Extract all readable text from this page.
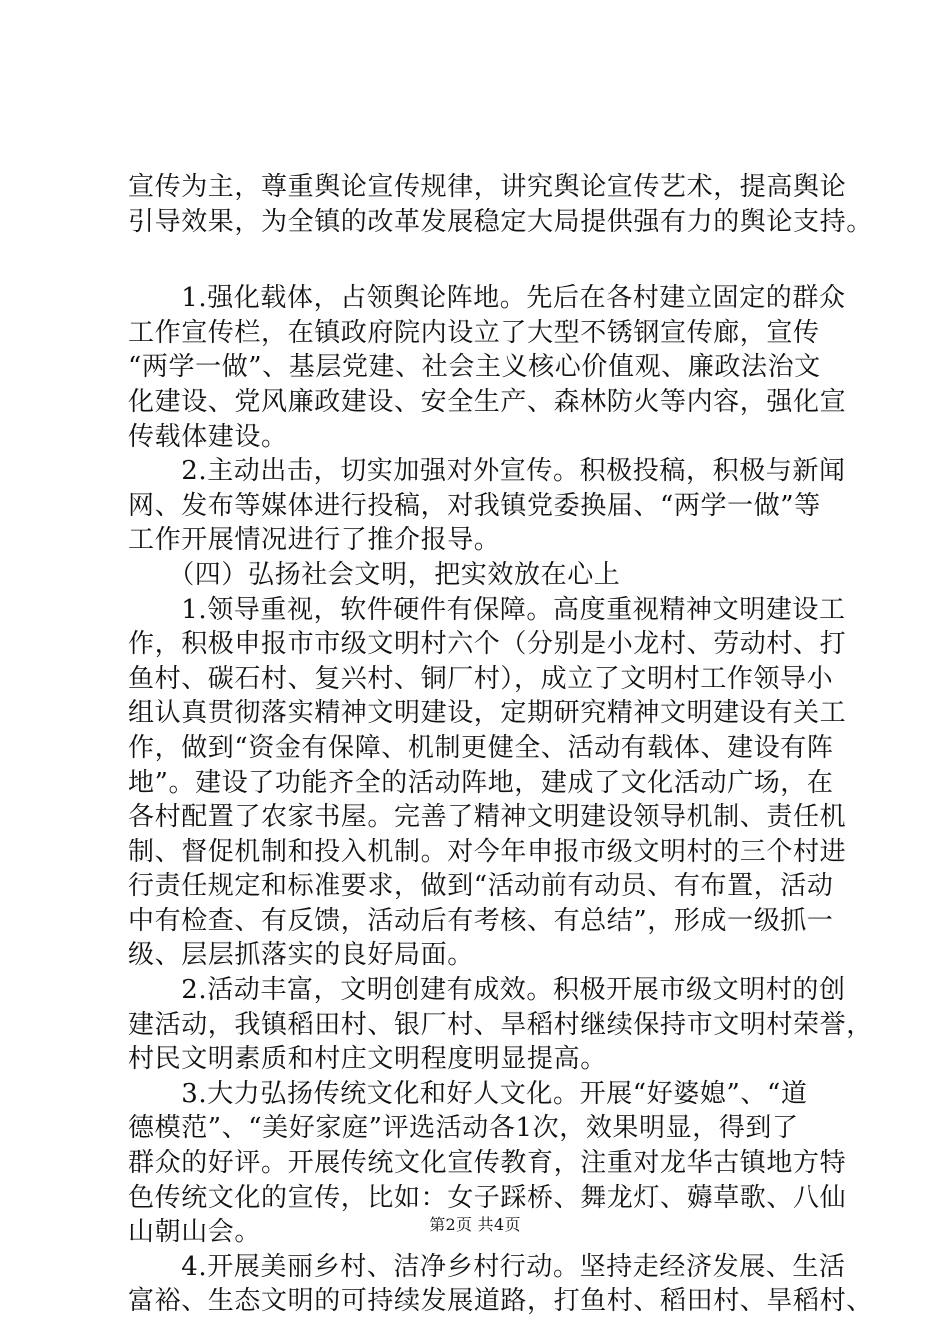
宣传为主，尊重舆论宣传规律，讲究舆论宣传艺术，提高舆论
引导效果，为全镇的改革发展稳定大局提供强有力的舆论支持。
　　1.强化载体，占领舆论阵地。先后在各村建立固定的群众
工作宣传栏，在镇政府院内设立了大型不锈钢宣传廊，宣传
“两学一做”、基层党建、社会主义核心价值观、廉政法治文
化建设、党风廉政建设、安全生产、森林防火等内容，强化宣
传载体建设。
　　2.主动出击，切实加强对外宣传。积极投稿，积极与新闻
网、发布等媒体进行投稿，对我镇党委换届、“两学一做”等
工作开展情况进行了推介报导。
　　（四）弘扬社会文明，把实效放在心上
　　1.领导重视，软件硬件有保障。高度重视精神文明建设工
作，积极申报市市级文明村六个（分别是小龙村、劳动村、打
鱼村、碳石村、复兴村、铜厂村），成立了文明村工作领导小
组认真贯彻落实精神文明建设，定期研究精神文明建设有关工
作，做到“资金有保障、机制更健全、活动有载体、建设有阵
地”。建设了功能齐全的活动阵地，建成了文化活动广场，在
各村配置了农家书屋。完善了精神文明建设领导机制、责任机
制、督促机制和投入机制。对今年申报市级文明村的三个村进
行责任规定和标准要求，做到“活动前有动员、有布置，活动
中有检查、有反馈，活动后有考核、有总结”，形成一级抓一
级、层层抓落实的良好局面。
　　2.活动丰富，文明创建有成效。积极开展市级文明村的创
建活动，我镇稻田村、银厂村、旱稻村继续保持市文明村荣誉，
村民文明素质和村庄文明程度明显提高。
　　3.大力弘扬传统文化和好人文化。开展“好婆媳”、“道
德模范”、“美好家庭”评选活动各1次，效果明显，得到了
群众的好评。开展传统文化宣传教育，注重对龙华古镇地方特
色传统文化的宣传，比如：女子踩桥、舞龙灯、薅草歌、八仙
山朝山会。
　　4.开展美丽乡村、洁净乡村行动。坚持走经济发展、生活
富裕、生态文明的可持续发展道路，打鱼村、稻田村、旱稻村、
第2页 共4页
